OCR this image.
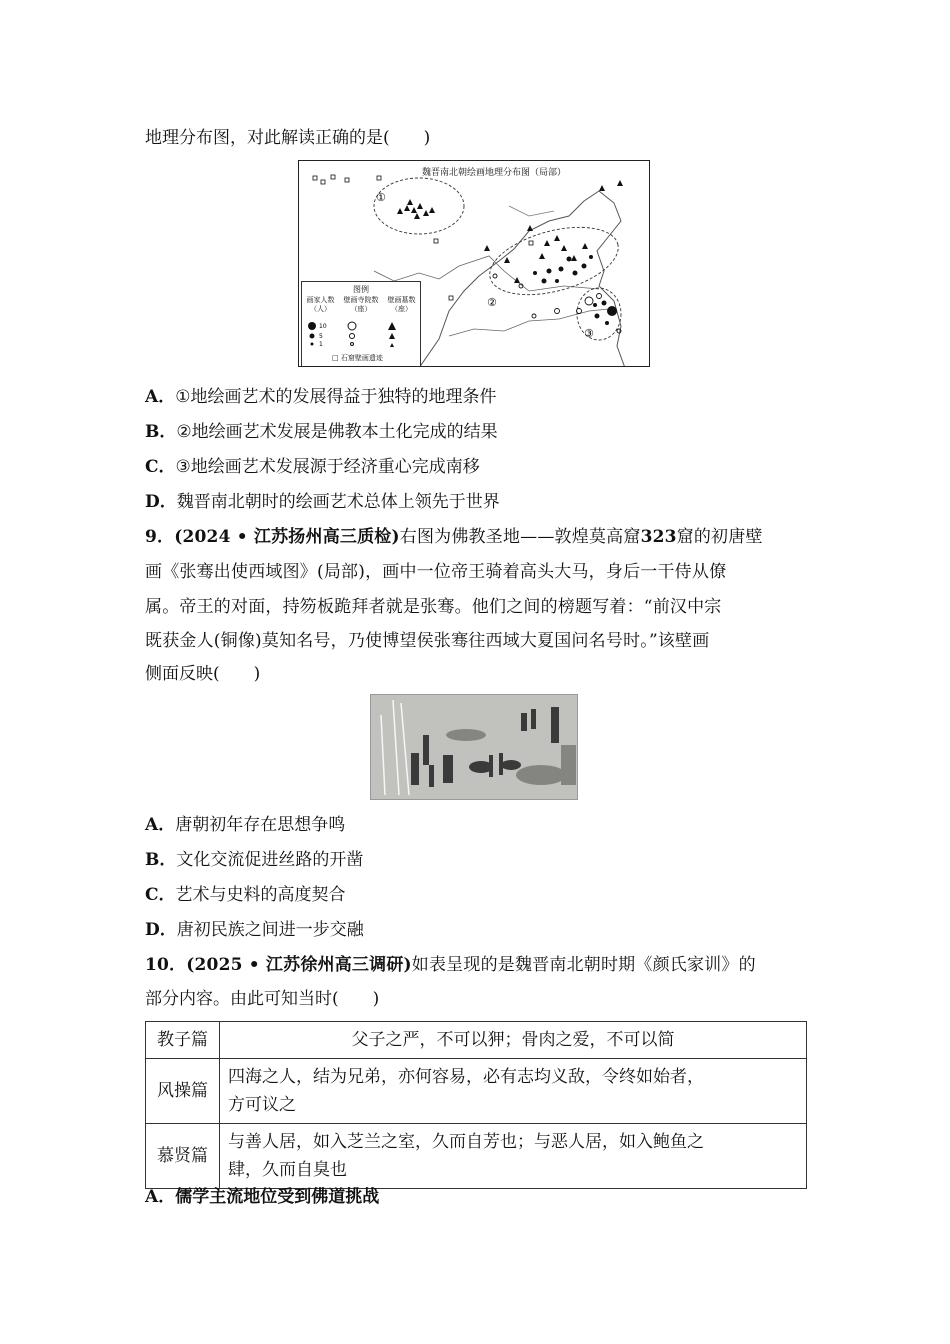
地理分布图，对此解读正确的是(　　)
①
②
③
魏晋南北朝绘画地理分布图（局部）
图例
画家人数
（人）
壁画寺院数
（座）
壁画墓数
（座）
10
5
1
□ 石窟壁画遗迹
A．①地绘画艺术的发展得益于独特的地理条件
B．②地绘画艺术发展是佛教本土化完成的结果
C．③地绘画艺术发展源于经济重心完成南移
D．魏晋南北朝时的绘画艺术总体上领先于世界
9．(2024 • 江苏扬州高三质检)右图为佛教圣地——敦煌莫高窟323窟的初唐壁
画《张骞出使西域图》(局部)，画中一位帝王骑着高头大马，身后一干侍从僚
属。帝王的对面，持笏板跪拜者就是张骞。他们之间的榜题写着：“前汉中宗
既获金人(铜像)莫知名号，乃使博望侯张骞往西域大夏国问名号时。”该壁画
侧面反映(　　)
A．唐朝初年存在思想争鸣
B．文化交流促进丝路的开凿
C．艺术与史料的高度契合
D．唐初民族之间进一步交融
10．(2025 • 江苏徐州高三调研)如表呈现的是魏晋南北朝时期《颜氏家训》的
部分内容。由此可知当时(　　)
教子篇	父子之严，不可以狎；骨肉之爱，不可以简
风操篇	四海之人，结为兄弟，亦何容易，必有志均义敌，令终如始者，
方可议之
慕贤篇	与善人居，如入芝兰之室，久而自芳也；与恶人居，如入鲍鱼之
肆，久而自臭也
A．儒学主流地位受到佛道挑战
